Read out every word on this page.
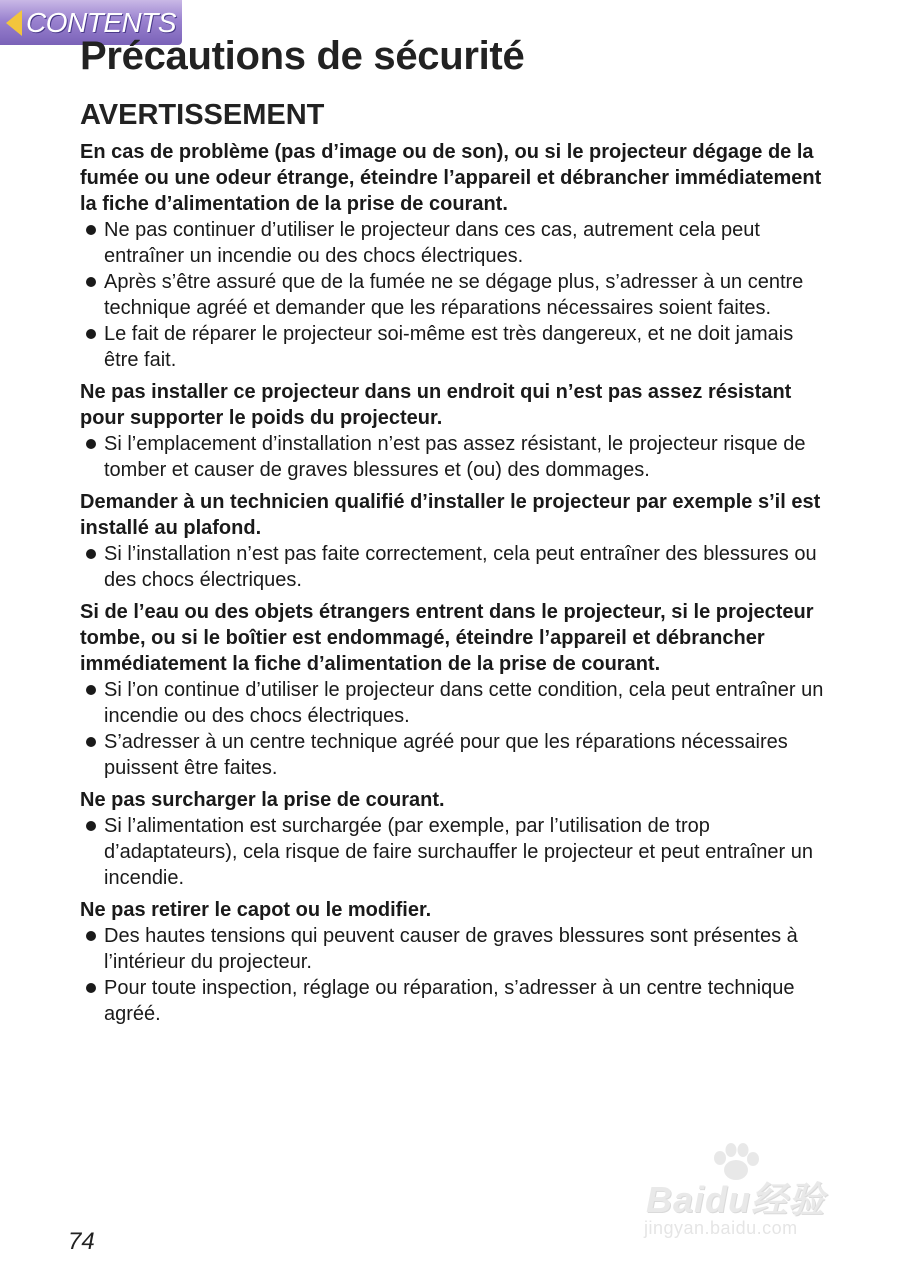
CONTENTS
Précautions de sécurité
AVERTISSEMENT
En cas de problème (pas d’image ou de son), ou si le projecteur dégage de la fumée ou une odeur étrange, éteindre l’appareil et débrancher immédiatement la fiche d’alimentation de la prise de courant.
Ne pas continuer d’utiliser le projecteur dans ces cas, autrement cela peut entraîner un incendie ou des chocs électriques.
Après s’être assuré que de la fumée ne se dégage plus, s’adresser à un centre technique agréé et demander que les réparations nécessaires soient faites.
Le fait de réparer le projecteur soi-même est très dangereux, et ne doit jamais être fait.
Ne pas installer ce projecteur dans un endroit qui n’est pas assez résistant pour supporter le poids du projecteur.
Si l’emplacement d’installation n’est pas assez résistant, le projecteur risque de tomber et causer de graves blessures et (ou) des dommages.
Demander à un technicien qualifié d’installer le projecteur par exemple s’il est installé au plafond.
Si l’installation n’est pas faite correctement, cela peut entraîner des blessures ou des chocs électriques.
Si de l’eau ou des objets étrangers entrent dans le projecteur, si le projecteur tombe, ou si le boîtier est endommagé, éteindre l’appareil et débrancher immédiatement la fiche d’alimentation de la prise de courant.
Si l’on continue d’utiliser le projecteur dans cette condition, cela peut entraîner un incendie ou des chocs électriques.
S’adresser à un centre technique agréé pour que les réparations nécessaires puissent être faites.
Ne pas surcharger la prise de courant.
Si l’alimentation est surchargée (par exemple, par l’utilisation de trop d’adaptateurs), cela risque de faire surchauffer le projecteur et peut entraîner un incendie.
Ne pas retirer le capot ou le modifier.
Des hautes tensions qui peuvent causer de graves blessures sont présentes à l’intérieur du projecteur.
Pour toute inspection, réglage ou réparation, s’adresser à un centre technique agréé.
74
Baidu经验
jingyan.baidu.com
